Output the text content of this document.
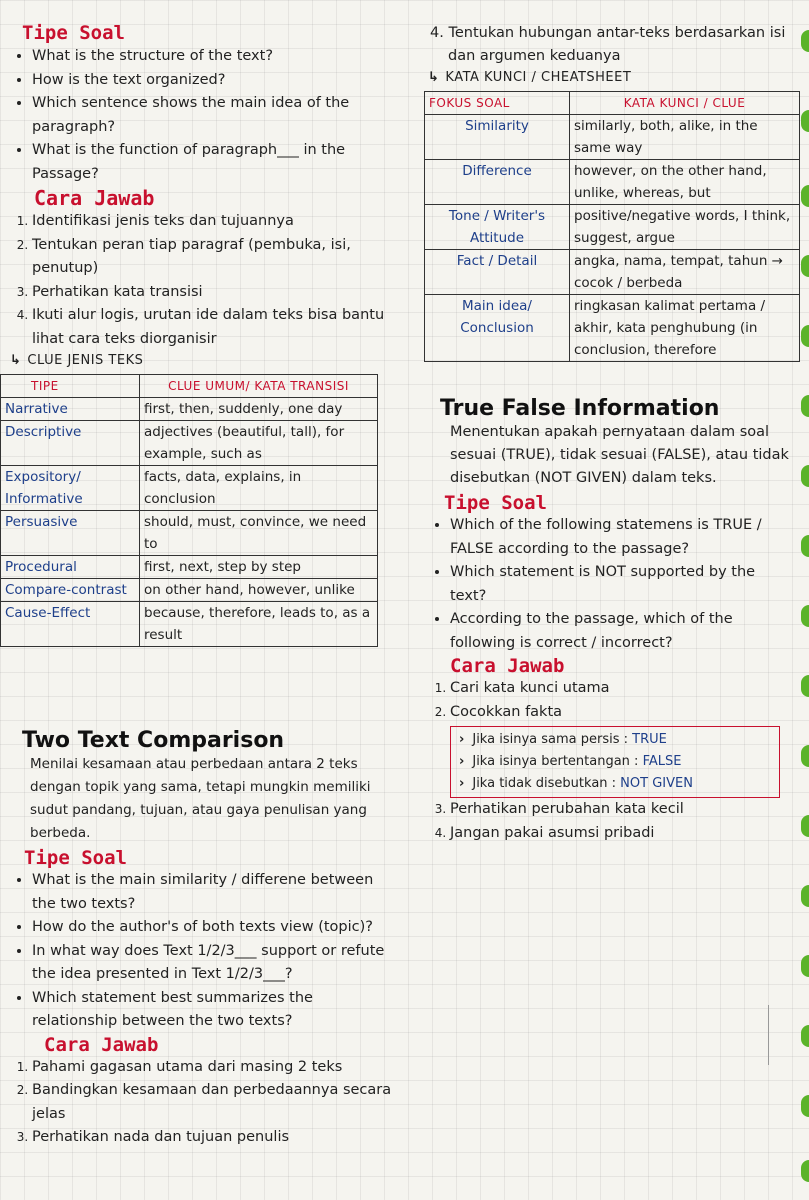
Tipe Soal
• What is the structure of the text?
• How is the text organized?
• Which sentence shows the main idea of the paragraph?
• What is the function of paragraph___ in the Passage?
Cara Jawab
1. Identifikasi jenis teks dan tujuannya
2. Tentukan peran tiap paragraf (pembuka, isi, penutup)
3. Perhatikan kata transisi
4. Ikuti alur logis, urutan ide dalam teks bisa bantu lihat cara teks diorganisir

↳ CLUE JENIS TEKS

TIPE	CLUE UMUM/ KATA TRANSISI
Narrative	first, then, suddenly, one day
Descriptive	adjectives (beautiful, tall), for example, such as
Expository/ Informative	facts, data, explains, in conclusion
Persuasive	should, must, convince, we need to
Procedural	first, next, step by step
Compare-contrast	on other hand, however, unlike
Cause-Effect	because, therefore, leads to, as a result
Two Text Comparison

Menilai kesamaan atau perbedaan antara 2 teks dengan topik yang sama, tetapi mungkin memiliki sudut pandang, tujuan, atau gaya penulisan yang berbeda.

Tipe Soal
• What is the main similarity / differene between the two texts?
• How do the author's of both texts view (topic)?
• In what way does Text 1/2/3___ support or refute the idea presented in Text 1/2/3___?
• Which statement best summarizes the relationship between the two texts?
Cara Jawab
1. Pahami gagasan utama dari masing 2 teks
2. Bandingkan kesamaan dan perbedaannya secara jelas
3. Perhatikan nada dan tujuan penulis

4. Tentukan hubungan antar-teks berdasarkan isi dan argumen keduanya

↳ KATA KUNCI / CHEATSHEET

FOKUS SOAL	KATA KUNCI / CLUE
Similarity	similarly, both, alike, in the same way
Difference	however, on the other hand, unlike, whereas, but
Tone / Writer's Attitude	positive/negative words, I think, suggest, argue
Fact / Detail	angka, nama, tempat, tahun → cocok / berbeda
Main idea/ Conclusion	ringkasan kalimat pertama / akhir, kata penghubung (in conclusion, therefore
True False Information

Menentukan apakah pernyataan dalam soal sesuai (TRUE), tidak sesuai (FALSE), atau tidak disebutkan (NOT GIVEN) dalam teks.

Tipe Soal
• Which of the following statemens is TRUE / FALSE according to the passage?
• Which statement is NOT supported by the text?
• According to the passage, which of the following is correct / incorrect?
Cara Jawab
1. Cari kata kunci utama
2. Cocokkan fakta
› Jika isinya sama persis : TRUE
› Jika isinya bertentangan : FALSE
› Jika tidak disebutkan : NOT GIVEN
3. Perhatikan perubahan kata kecil
4. Jangan pakai asumsi pribadi
